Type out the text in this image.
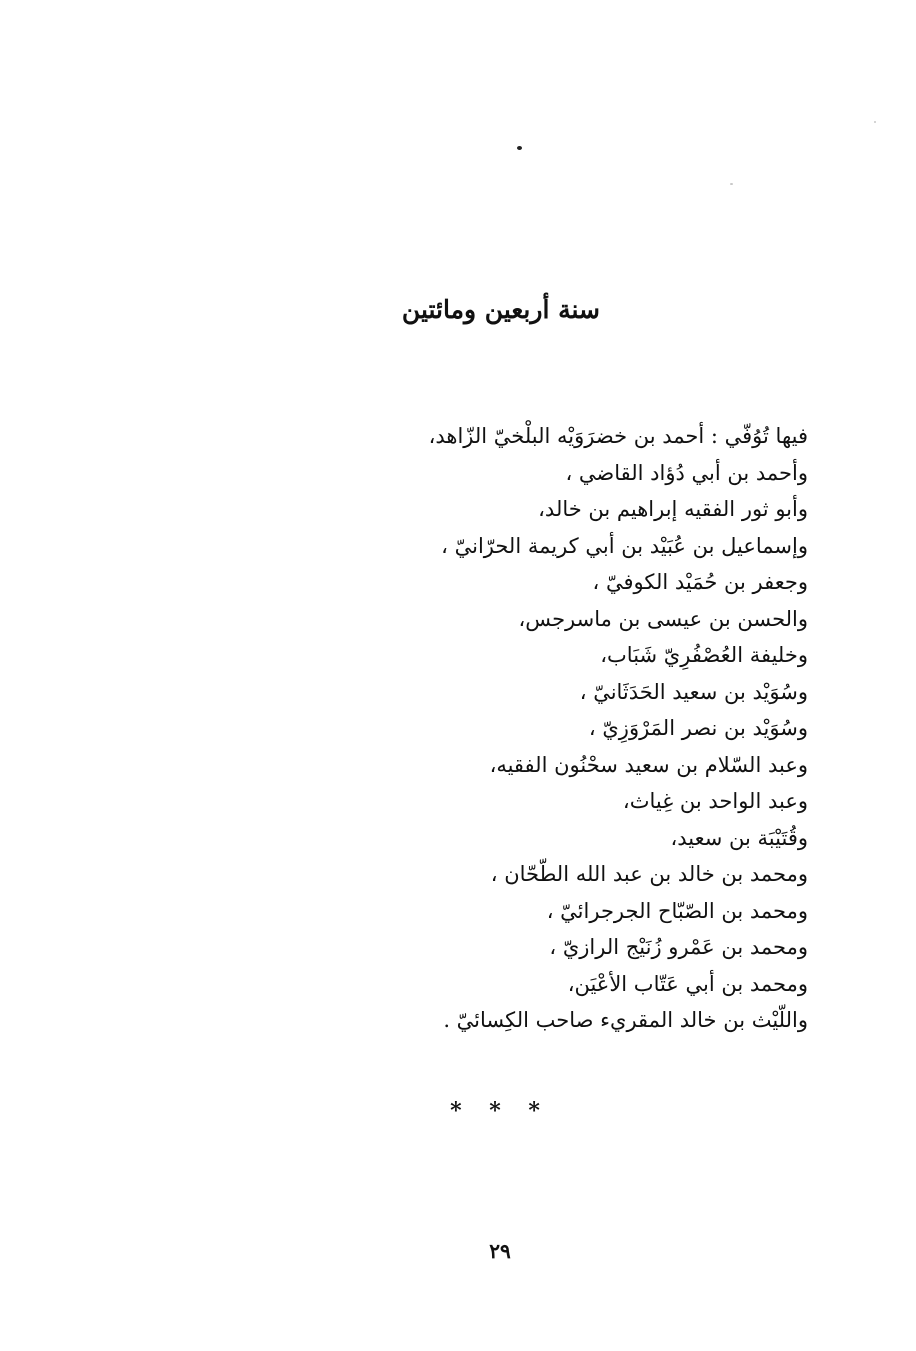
سنة أربعين ومائتين
فيها تُوُفّي : أحمد بن خضرَوَيْه البلْخيّ الزّاهد،
وأحمد بن أبي دُؤاد القاضي ،
وأبو ثور الفقيه إبراهيم بن خالد،
وإسماعيل بن عُبَيْد بن أبي كريمة الحرّانيّ ،
وجعفر بن حُمَيْد الكوفيّ ،
والحسن بن عيسى بن ماسرجس،
وخليفة العُصْفُرِيّ شَبَاب،
وسُوَيْد بن سعيد الحَدَثَانيّ ،
وسُوَيْد بن نصر المَرْوَزِيّ ،
وعبد السّلام بن سعيد سحْنُون الفقيه،
وعبد الواحد بن غِياث،
وقُتَيْبَة بن سعيد،
ومحمد بن خالد بن عبد الله الطّحّان ،
ومحمد بن الصّبّاح الجرجرائيّ ،
ومحمد بن عَمْرو زُنَيْج الرازيّ ،
ومحمد بن أبي عَتّاب الأعْيَن،
واللّيْث بن خالد المقريء صاحب الكِسائيّ .
* * *
٢٩
